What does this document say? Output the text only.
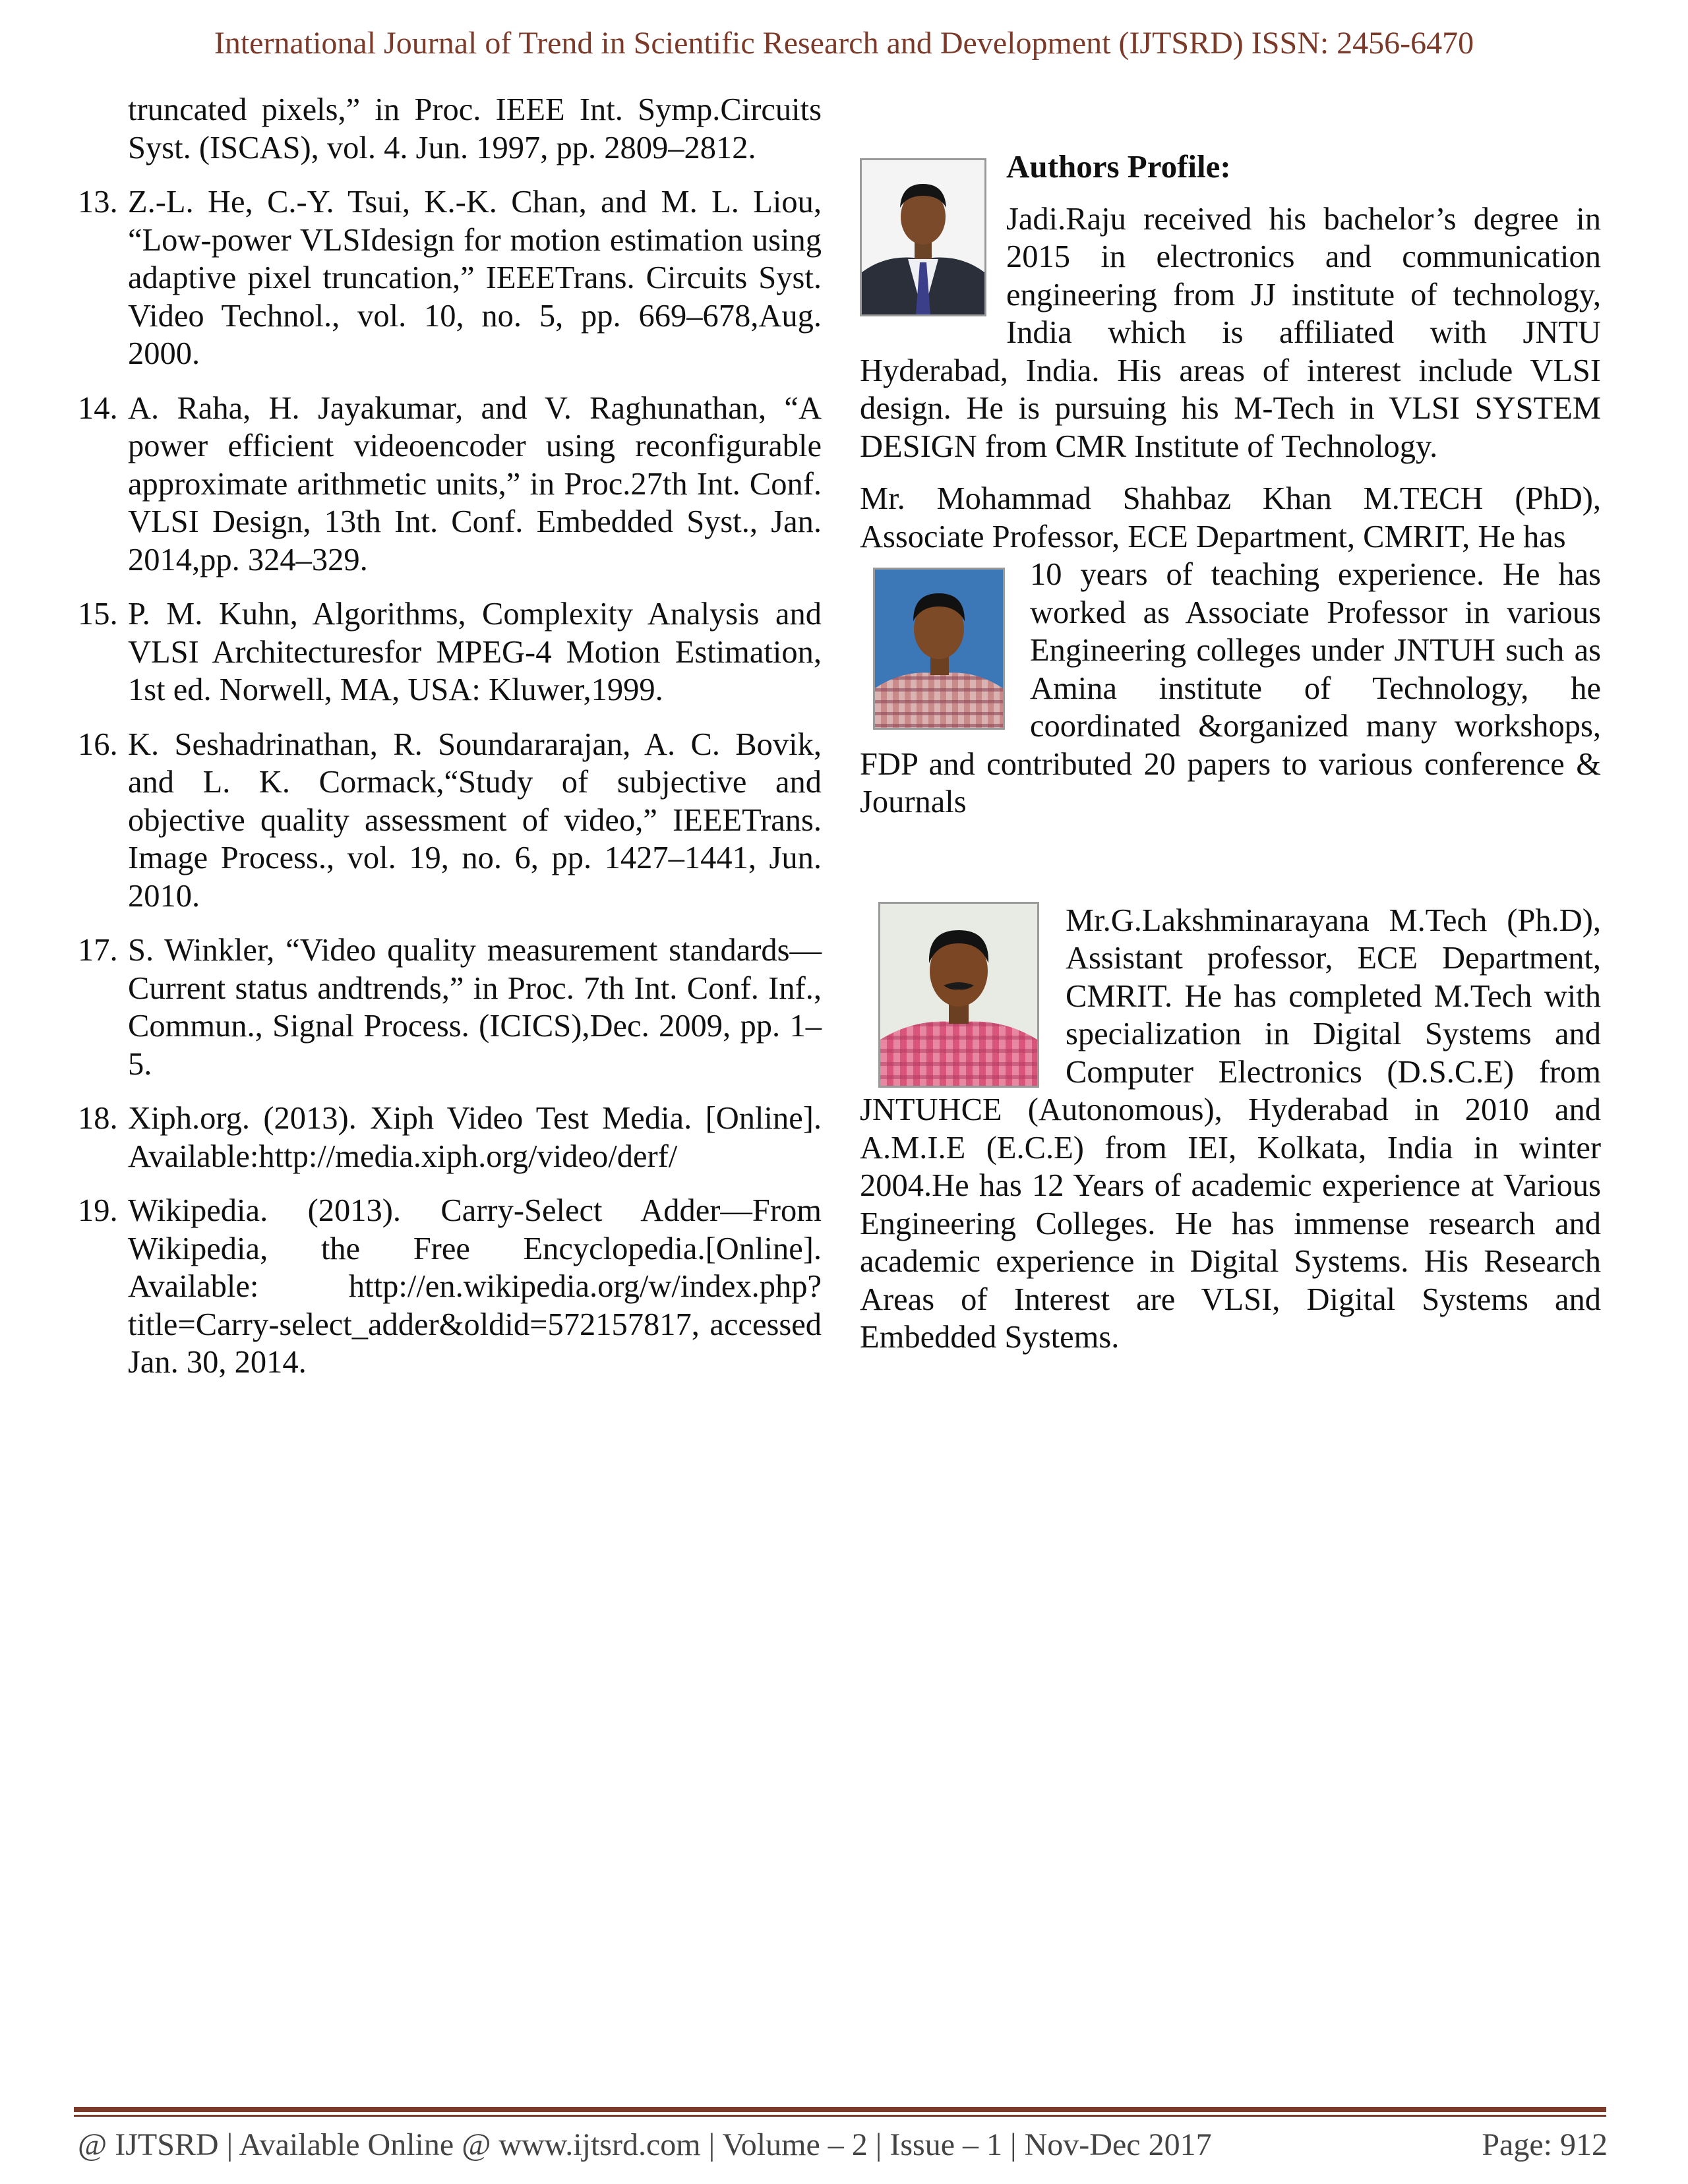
International Journal of Trend in Scientific Research and Development (IJTSRD) ISSN: 2456-6470
truncated pixels,” in Proc. IEEE Int. Symp.Circuits Syst. (ISCAS), vol. 4. Jun. 1997, pp. 2809–2812.
13. Z.-L. He, C.-Y. Tsui, K.-K. Chan, and M. L. Liou, “Low-power VLSIdesign for motion estimation using adaptive pixel truncation,” IEEETrans. Circuits Syst. Video Technol., vol. 10, no. 5, pp. 669–678,Aug. 2000.
14. A. Raha, H. Jayakumar, and V. Raghunathan, “A power efficient videoencoder using reconfigurable approximate arithmetic units,” in Proc.27th Int. Conf. VLSI Design, 13th Int. Conf. Embedded Syst., Jan. 2014,pp. 324–329.
15. P. M. Kuhn, Algorithms, Complexity Analysis and VLSI Architecturesfor MPEG-4 Motion Estimation, 1st ed. Norwell, MA, USA: Kluwer,1999.
16. K. Seshadrinathan, R. Soundararajan, A. C. Bovik, and L. K. Cormack,“Study of subjective and objective quality assessment of video,” IEEETrans. Image Process., vol. 19, no. 6, pp. 1427–1441, Jun. 2010.
17. S. Winkler, “Video quality measurement standards—Current status andtrends,” in Proc. 7th Int. Conf. Inf., Commun., Signal Process. (ICICS),Dec. 2009, pp. 1–5.
18. Xiph.org. (2013). Xiph Video Test Media. [Online]. Available:http://media.xiph.org/video/derf/
19. Wikipedia. (2013). Carry-Select Adder—From Wikipedia, the Free Encyclopedia.[Online]. Available: http://en.wikipedia.org/w/index.php?title=Carry-select_adder&oldid=572157817, accessed Jan. 30, 2014.
Authors Profile:
Jadi.Raju received his bachelor’s degree in 2015 in electronics and communication engineering from JJ institute of technology, India which is affiliated with JNTU Hyderabad, India. His areas of interest include VLSI design. He is pursuing his M-Tech in VLSI SYSTEM DESIGN from CMR Institute of Technology.
Mr. Mohammad Shahbaz Khan M.TECH (PhD), Associate Professor, ECE Department, CMRIT, He has
10 years of teaching experience. He has worked as Associate Professor in various Engineering colleges under JNTUH such as Amina institute of Technology, he coordinated &organized many workshops, FDP and contributed 20 papers to various conference & Journals
Mr.G.Lakshminarayana M.Tech (Ph.D), Assistant professor, ECE Department, CMRIT. He has completed M.Tech with specialization in Digital Systems and Computer Electronics (D.S.C.E) from JNTUHCE (Autonomous), Hyderabad in 2010 and A.M.I.E (E.C.E) from IEI, Kolkata, India in winter 2004.He has 12 Years of academic experience at Various Engineering Colleges. He has immense research and academic experience in Digital Systems. His Research Areas of Interest are VLSI, Digital Systems and Embedded Systems.
@ IJTSRD | Available Online @ www.ijtsrd.com | Volume – 2 | Issue – 1 | Nov-Dec 2017	Page: 912
